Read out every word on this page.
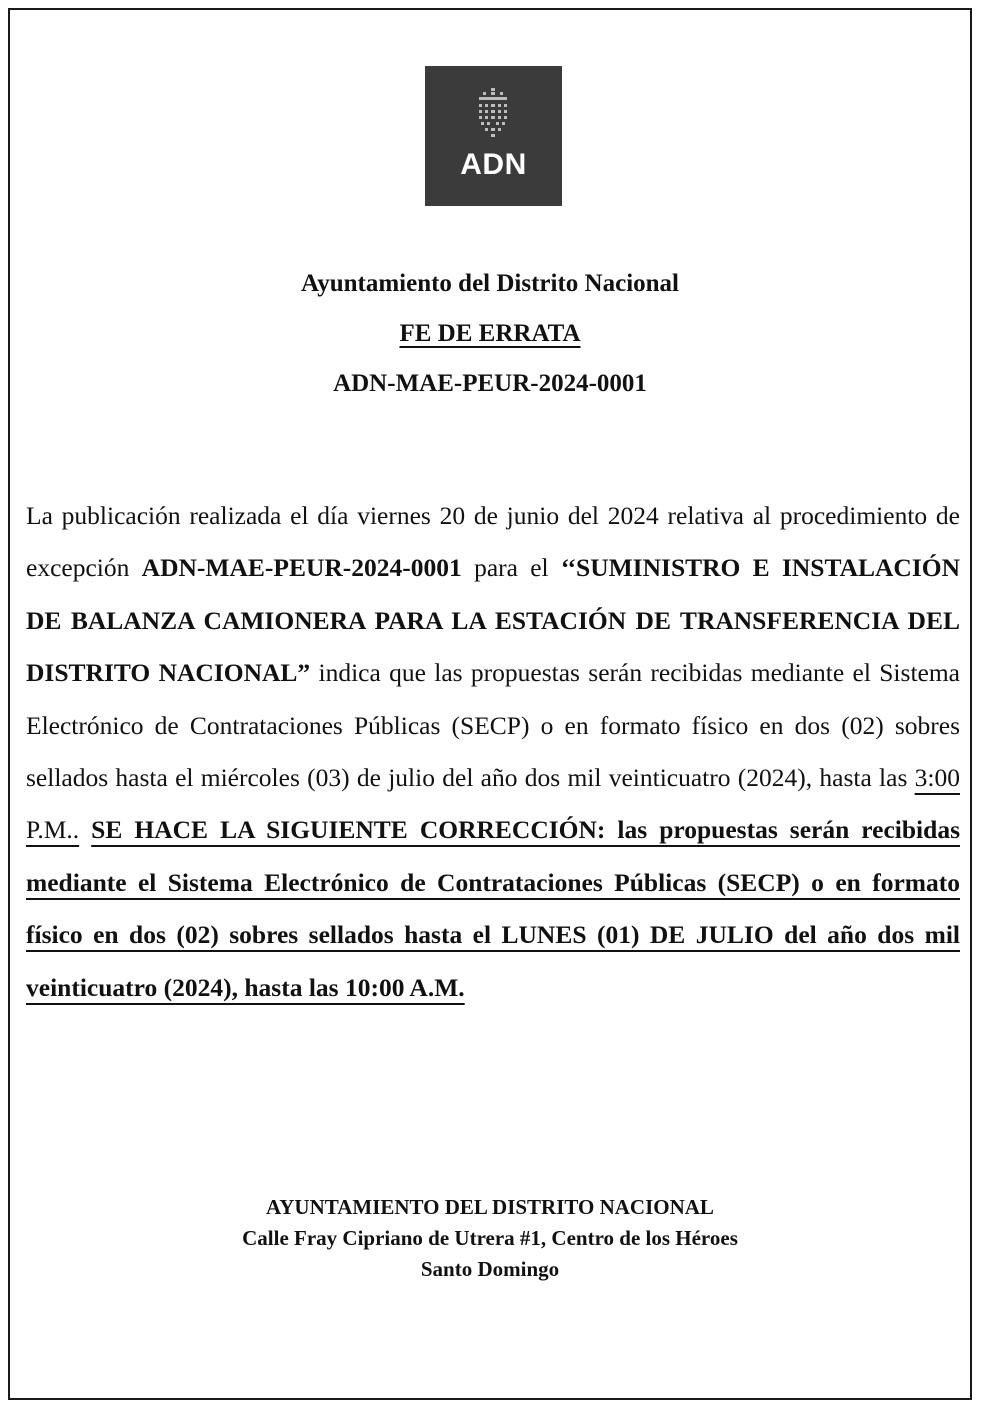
ADN
Ayuntamiento del Distrito Nacional
FE DE ERRATA
ADN-MAE-PEUR-2024-0001
La publicación realizada el día viernes 20 de junio del 2024 relativa al procedimiento de excepción ADN-MAE-PEUR-2024-0001 para el ‘‘SUMINISTRO E INSTALACIÓN DE BALANZA CAMIONERA PARA LA ESTACIÓN DE TRANSFERENCIA DEL DISTRITO NACIONAL” indica que las propuestas serán recibidas mediante el Sistema Electrónico de Contrataciones Públicas (SECP) o en formato físico en dos (02) sobres sellados hasta el miércoles (03) de julio del año dos mil veinticuatro (2024), hasta las 3:00 P.M.. SE HACE LA SIGUIENTE CORRECCIÓN: las propuestas serán recibidas mediante el Sistema Electrónico de Contrataciones Públicas (SECP) o en formato físico en dos (02) sobres sellados hasta el LUNES (01) DE JULIO del año dos mil veinticuatro (2024), hasta las 10:00 A.M.
AYUNTAMIENTO DEL DISTRITO NACIONAL
Calle Fray Cipriano de Utrera #1, Centro de los Héroes
Santo Domingo
